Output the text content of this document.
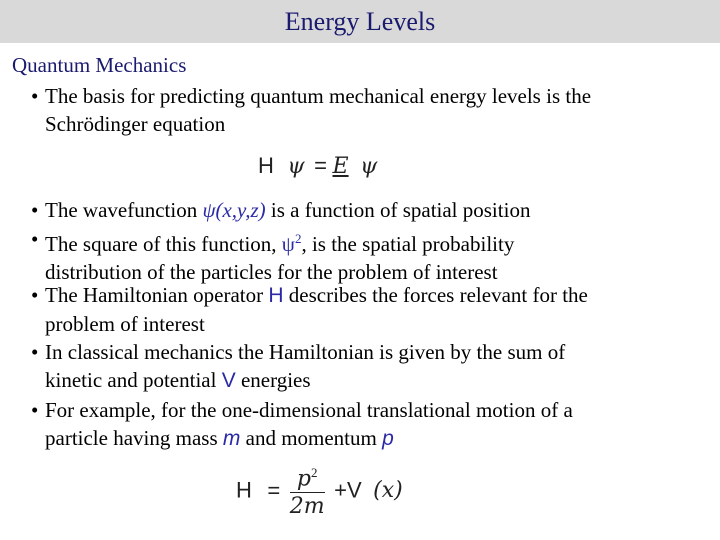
Energy Levels
Quantum Mechanics
• The basis for predicting quantum mechanical energy levels is the
Schrödinger equation
H ψ = E ψ
• The wavefunction ψ(x,y,z) is a function of spatial position
• The square of this function, $\psi^2$, is the spatial probability
distribution of the particles for the problem of interest
• The Hamiltonian operator H describes the forces relevant for the
problem of interest
• In classical mechanics the Hamiltonian is given by the sum of
kinetic and potential V energies
• For example, for the one-dimensional translational motion of a
particle having mass m and momentum p
$H = \frac{p^2}{2m} +V$ (x)
